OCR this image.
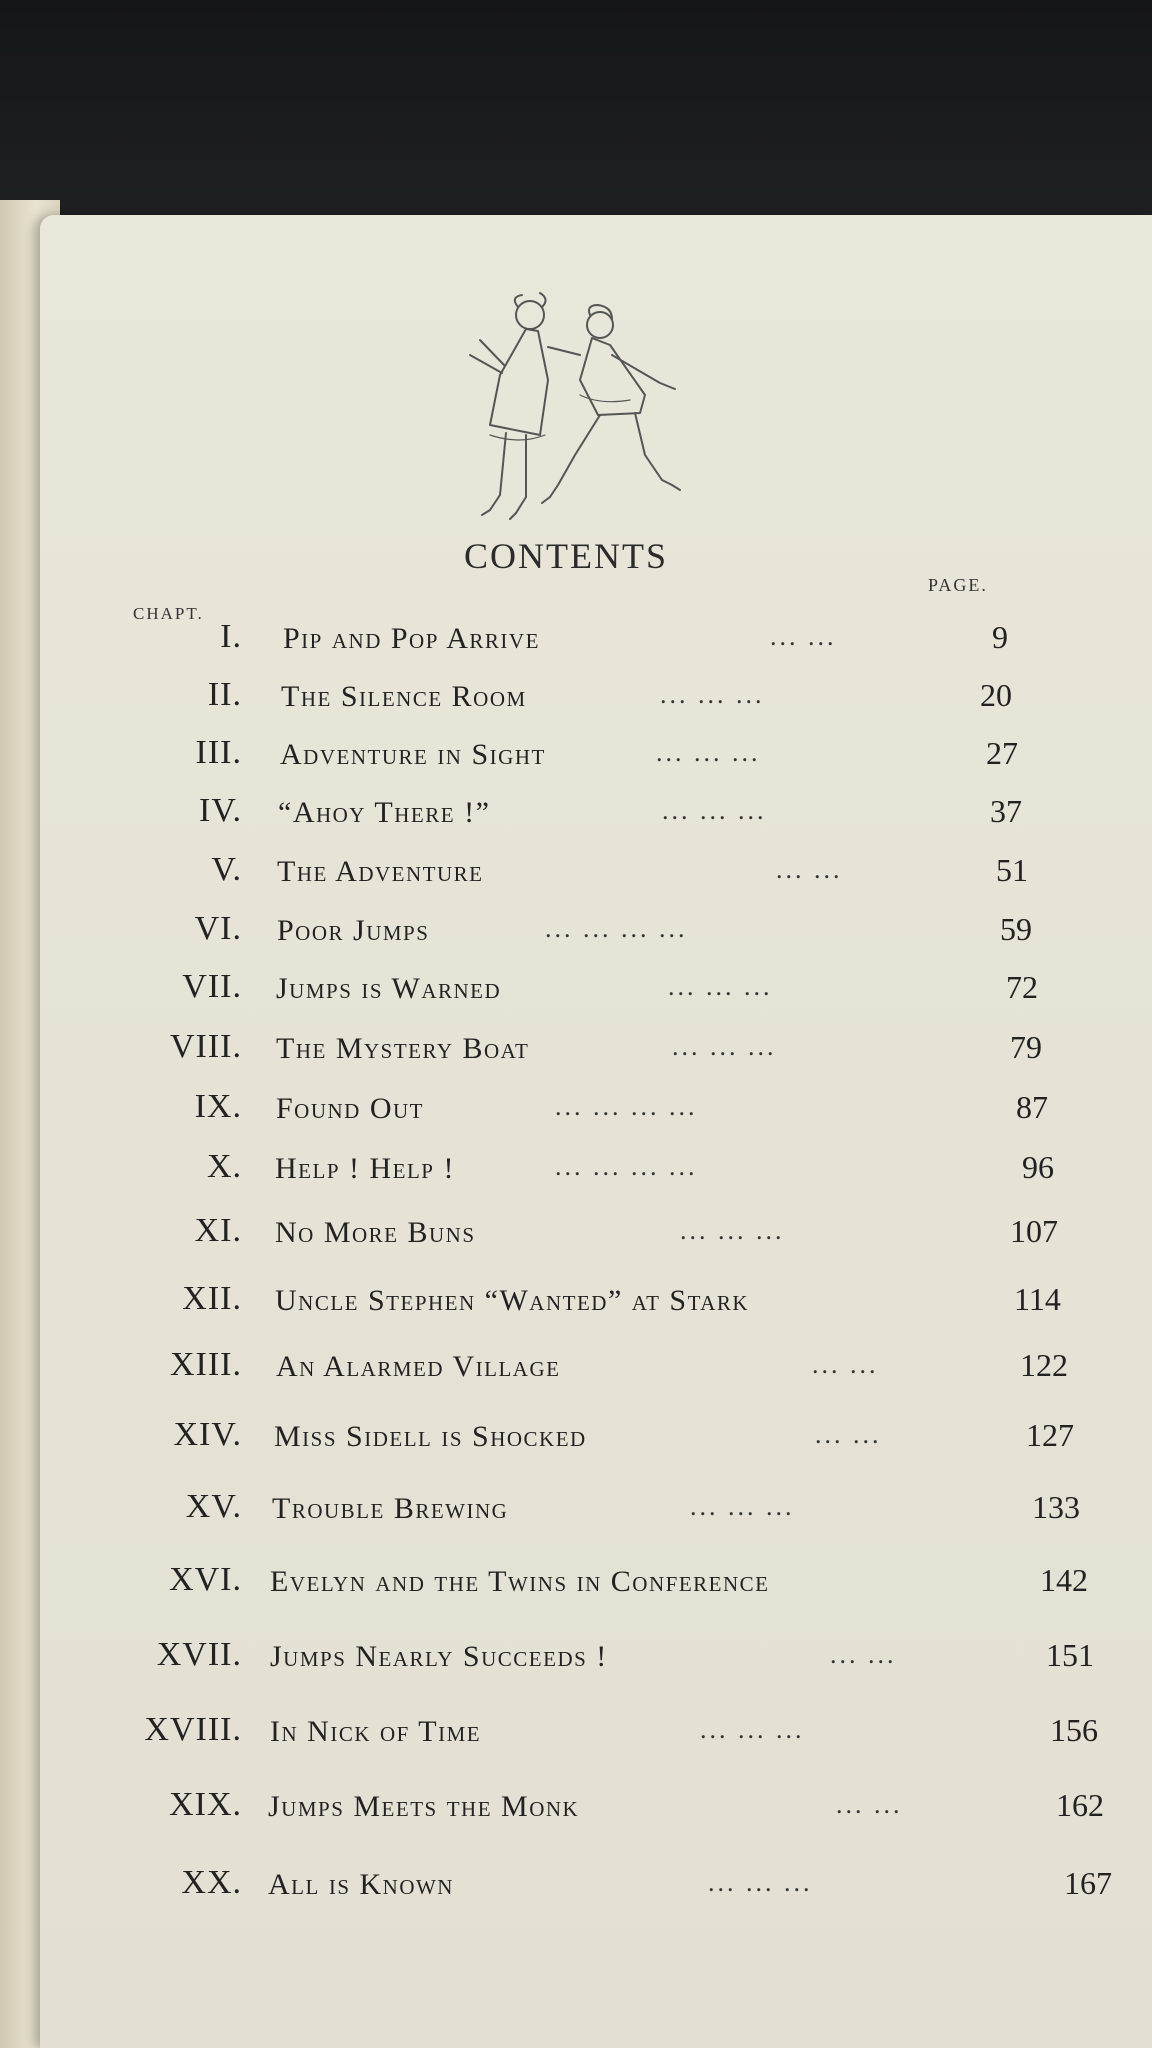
CONTENTS
PAGE.
CHAPT.
I. Pip and Pop Arrive	... ...	9
II. The Silence Room	... ... ...	20
III. Adventure in Sight	... ... ...	27
IV. “Ahoy There !”	... ... ...	37
V. The Adventure	... ...	51
VI. Poor Jumps	... ... ... ...	59
VII. Jumps is Warned	... ... ...	72
VIII. The Mystery Boat	... ... ...	79
IX. Found Out	... ... ... ...	87
X. Help ! Help !	... ... ... ...	96
XI. No More Buns	... ... ...	107
XII. Uncle Stephen “Wanted” at Stark	114
XIII. An Alarmed Village	... ...	122
XIV. Miss Sidell is Shocked	... ...	127
XV. Trouble Brewing	... ... ...	133
XVI. Evelyn and the Twins in Conference	142
XVII. Jumps Nearly Succeeds !	... ...	151
XVIII. In Nick of Time	... ... ...	156
XIX. Jumps Meets the Monk	... ...	162
XX. All is Known	... ... ...	167
